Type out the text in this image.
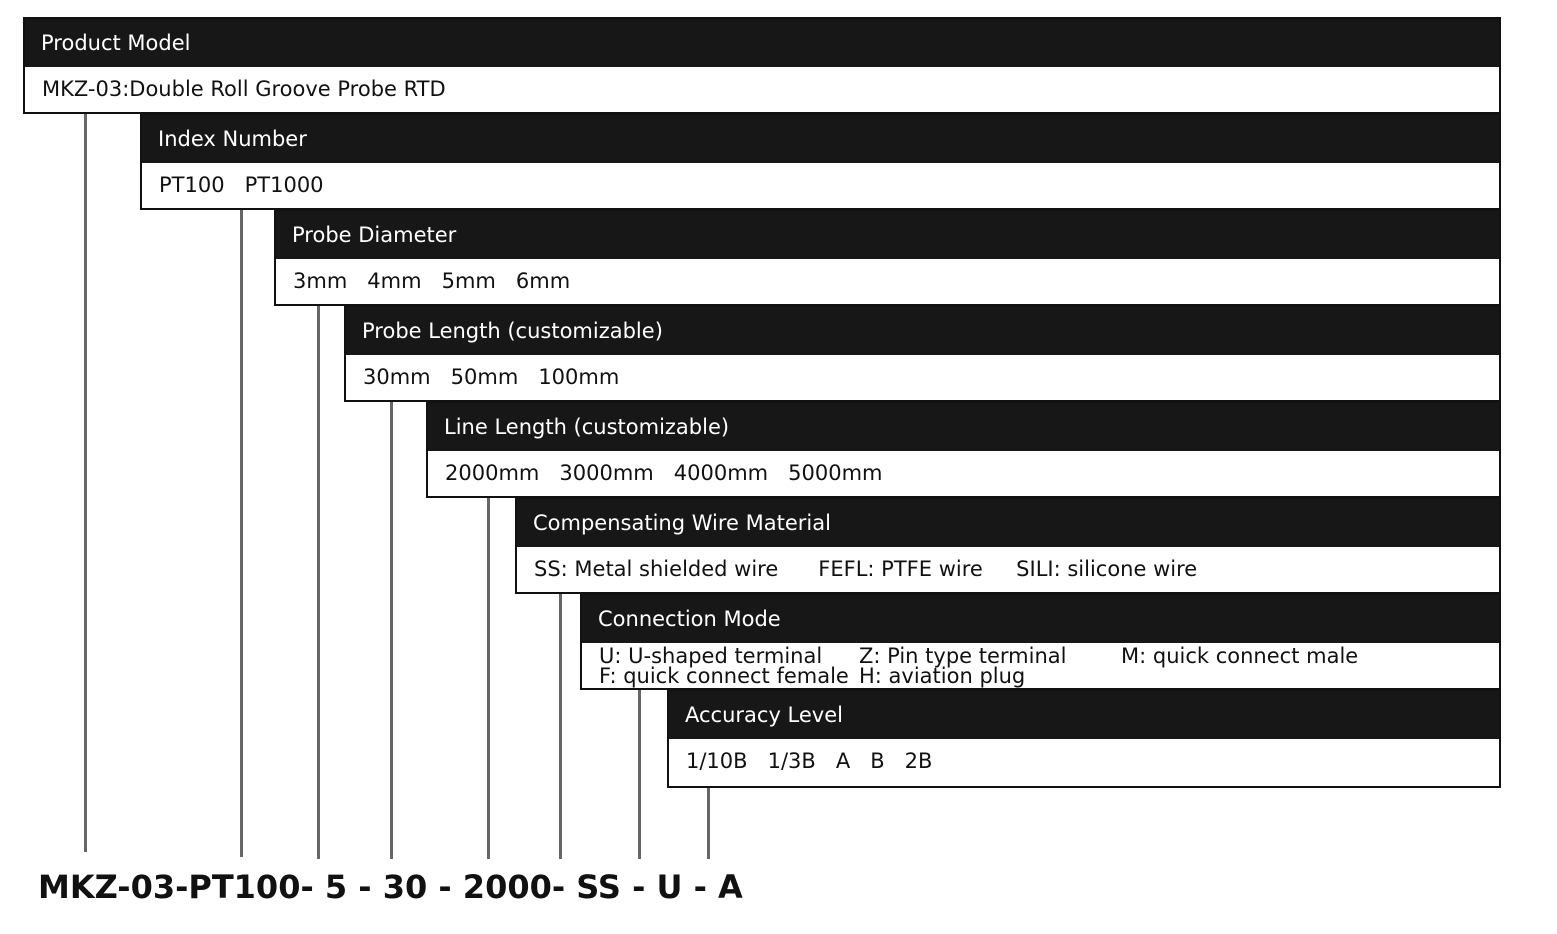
Product Model
MKZ-03:Double Roll Groove Probe RTD
Index Number
PT100   PT1000
Probe Diameter
3mm   4mm   5mm   6mm
Probe Length (customizable)
30mm   50mm   100mm
Line Length (customizable)
2000mm   3000mm   4000mm   5000mm
Compensating Wire Material
SS: Metal shielded wire      FEFL: PTFE wire     SILI: silicone wire
Connection Mode
U: U-shaped terminal Z: Pin type terminal	M: quick connect male
F: quick connect female H: aviation plug
Accuracy Level
1/10B   1/3B   A   B   2B
MKZ-03-PT100- 5 - 30 - 2000- SS - U - A
